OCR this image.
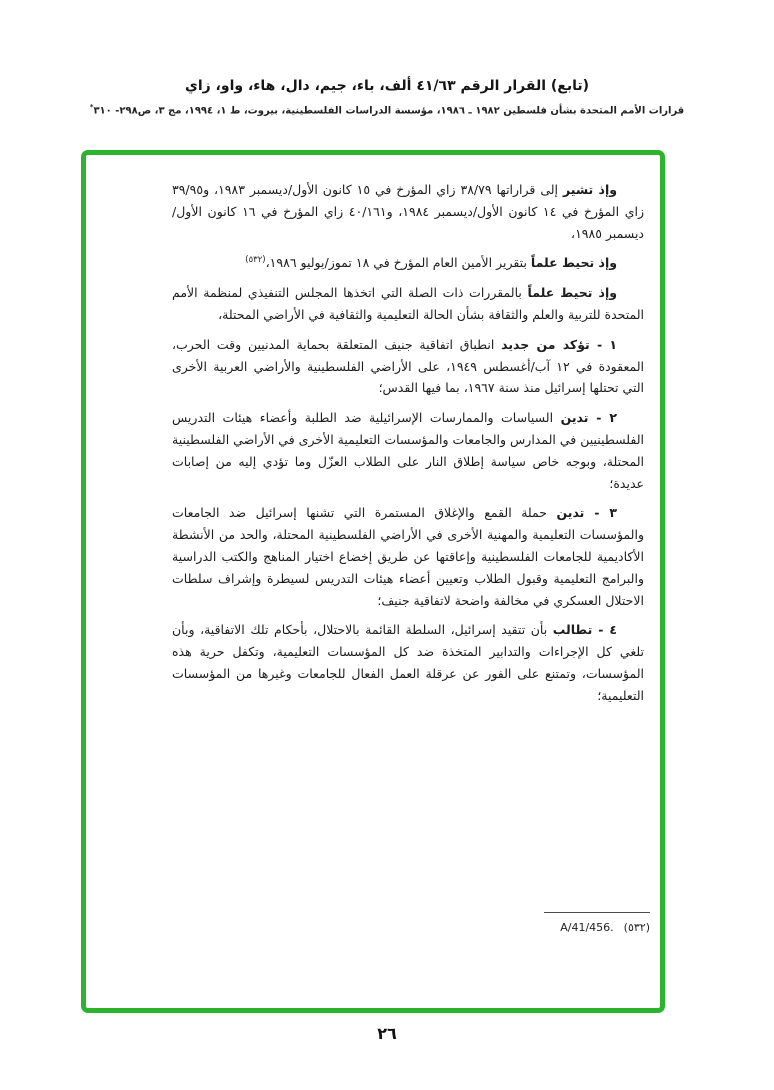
(تابع) القرار الرقم ٤١/٦٣ ألف، باء، جيم، دال، هاء، واو، زاي
قرارات الأمم المتحدة بشأن فلسطين ١٩٨٢ ـ ١٩٨٦، مؤسسة الدراسات الفلسطينية، بيروت، ط ١، ١٩٩٤، مج ٣، ص٢٩٨- ٣١٠*

وإذ تشير إلى قراراتها ٣٨/٧٩ زاي المؤرخ في ١٥ كانون الأول/ديسمبر ١٩٨٣، و٣٩/٩٥ زاي المؤرخ في ١٤ كانون الأول/ديسمبر ١٩٨٤، و٤٠/١٦١ زاي المؤرخ في ١٦ كانون الأول/ديسمبر ١٩٨٥،

وإذ تحيط علماً بتقرير الأمين العام المؤرخ في ١٨ تموز/يوليو ١٩٨٦،$^{(٥٣٢)}$

وإذ تحيط علماً بالمقررات ذات الصلة التي اتخذها المجلس التنفيذي لمنظمة الأمم المتحدة للتربية والعلم والثقافة بشأن الحالة التعليمية والثقافية في الأراضي المحتلة،

١ - تؤكد من جديد انطباق اتفاقية جنيف المتعلقة بحماية المدنيين وقت الحرب، المعقودة في ١٢ آب/أغسطس ١٩٤٩، على الأراضي الفلسطينية والأراضي العربية الأخرى التي تحتلها إسرائيل منذ سنة ١٩٦٧، بما فيها القدس؛

٢ - تدين السياسات والممارسات الإسرائيلية ضد الطلبة وأعضاء هيئات التدريس الفلسطينيين في المدارس والجامعات والمؤسسات التعليمية الأخرى في الأراضي الفلسطينية المحتلة، وبوجه خاص سياسة إطلاق النار على الطلاب العزّل وما تؤدي إليه من إصابات عديدة؛

٣ - تدين حملة القمع والإغلاق المستمرة التي تشنها إسرائيل ضد الجامعات والمؤسسات التعليمية والمهنية الأخرى في الأراضي الفلسطينية المحتلة، والحد من الأنشطة الأكاديمية للجامعات الفلسطينية وإعاقتها عن طريق إخضاع اختيار المناهج والكتب الدراسية والبرامج التعليمية وقبول الطلاب وتعيين أعضاء هيئات التدريس لسيطرة وإشراف سلطات الاحتلال العسكري في مخالفة واضحة لاتفاقية جنيف؛

٤ - تطالب بأن تتقيد إسرائيل، السلطة القائمة بالاحتلال، بأحكام تلك الاتفاقية، وبأن تلغي كل الإجراءات والتدابير المتخذة ضد كل المؤسسات التعليمية، وتكفل حرية هذه المؤسسات، وتمتنع على الفور عن عرقلة العمل الفعال للجامعات وغيرها من المؤسسات التعليمية؛

A/41/456. (٥٣٢)
٢٦
